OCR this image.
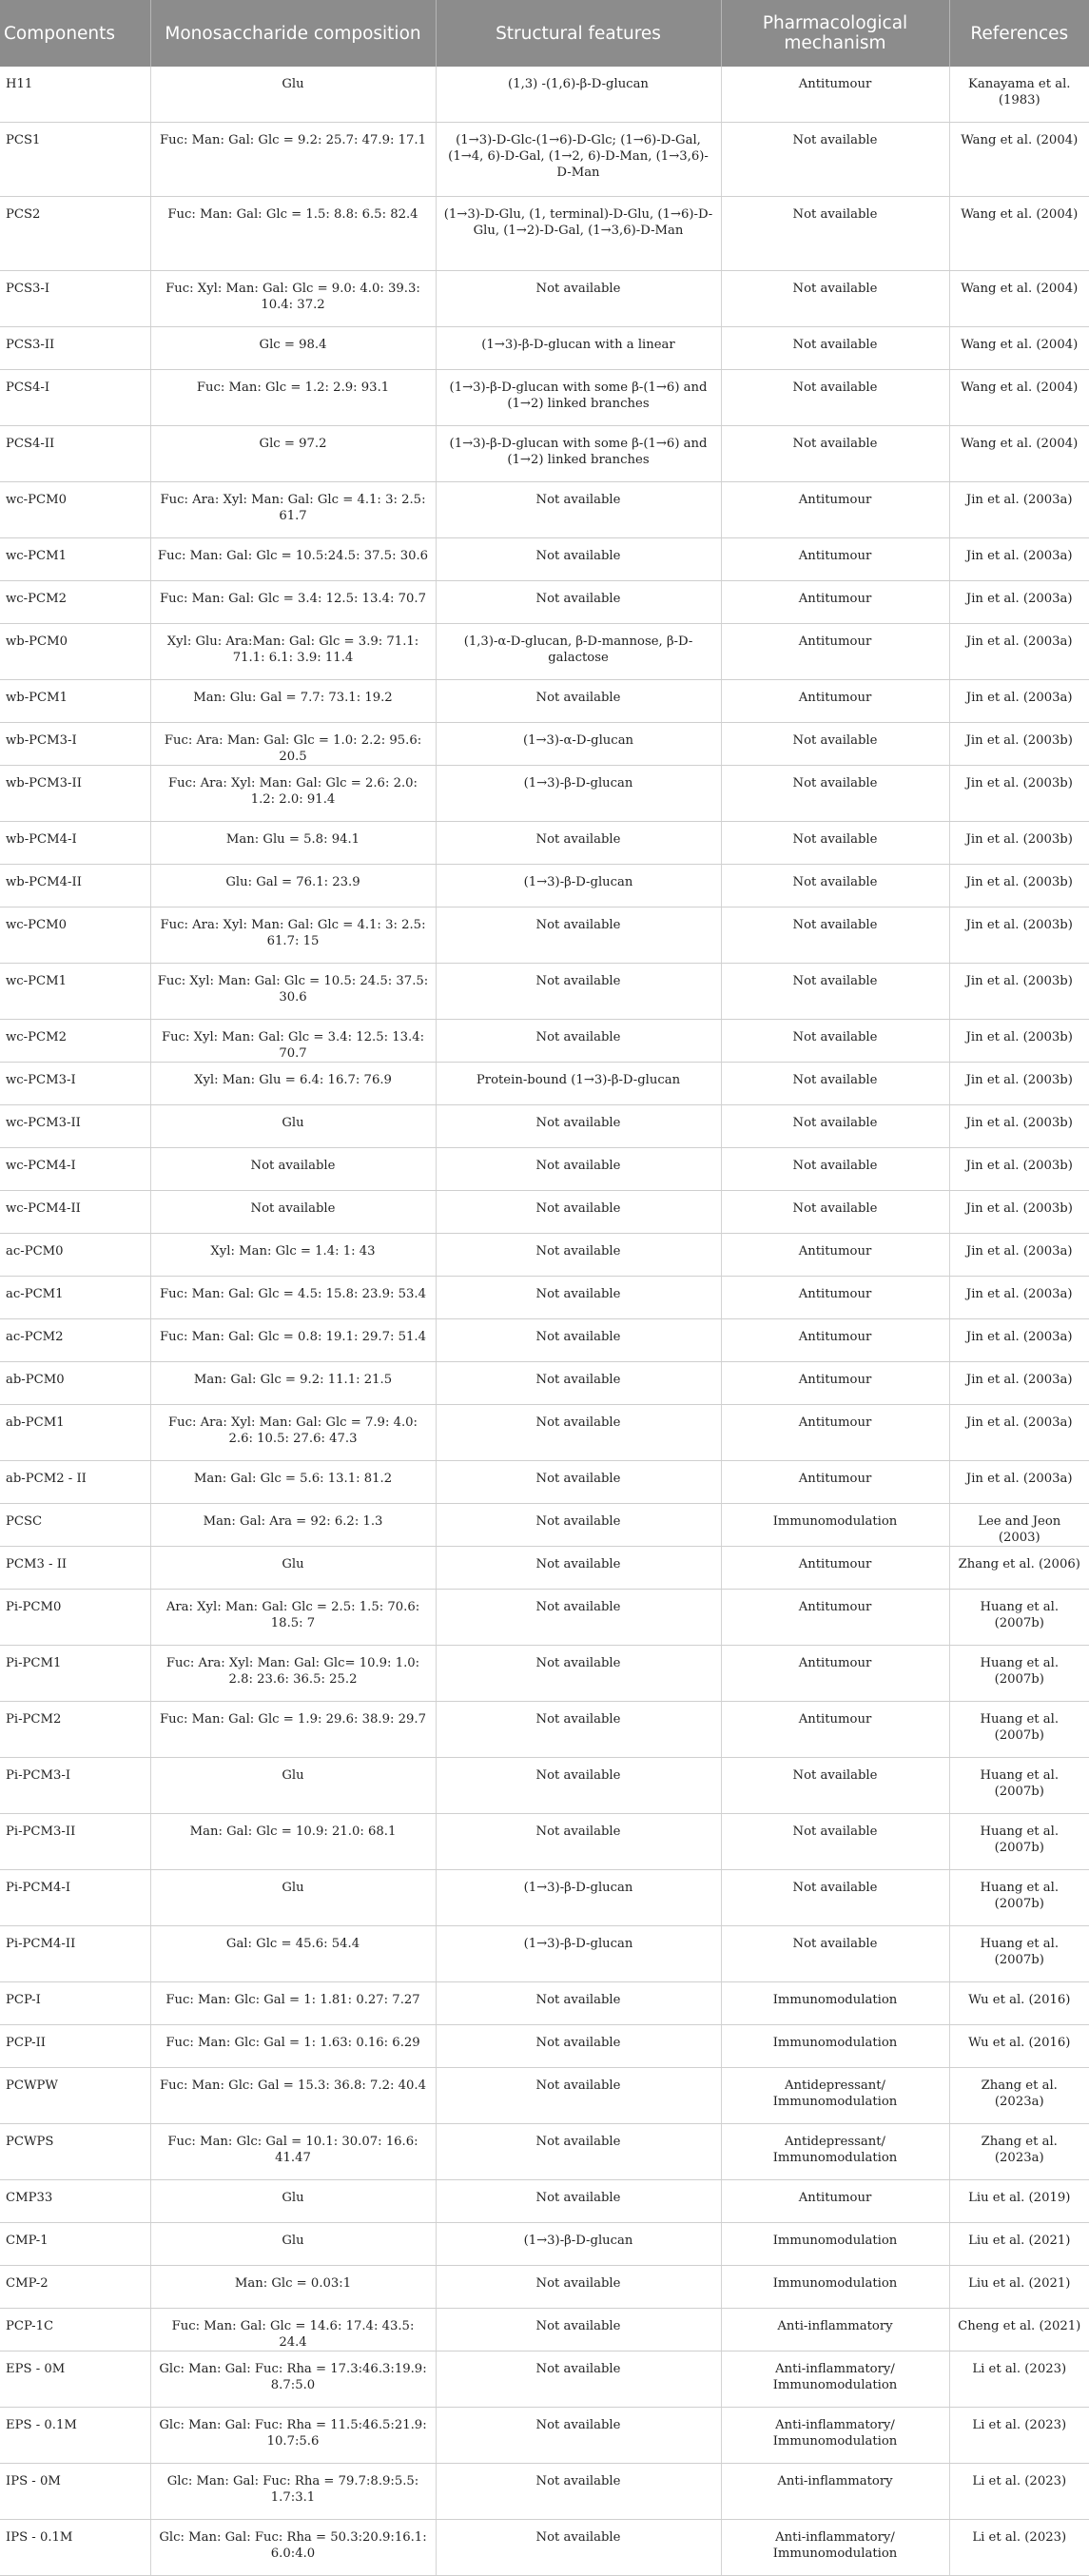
Components	Monosaccharide composition	Structural features	Pharmacological mechanism	References
H11	Glu	(1,3) -(1,6)-β-D-glucan	Antitumour	Kanayama et al. (1983)
PCS1	Fuc: Man: Gal: Glc = 9.2: 25.7: 47.9: 17.1	(1→3)-D-Glc-(1→6)-D-Glc; (1→6)-D-Gal, (1→4, 6)-D-Gal, (1→2, 6)-D-Man, (1→3,6)-D-Man	Not available	Wang et al. (2004)
PCS2	Fuc: Man: Gal: Glc = 1.5: 8.8: 6.5: 82.4	(1→3)-D-Glu, (1, terminal)-D-Glu, (1→6)-D-Glu, (1→2)-D-Gal, (1→3,6)-D-Man	Not available	Wang et al. (2004)
PCS3-I	Fuc: Xyl: Man: Gal: Glc = 9.0: 4.0: 39.3: 10.4: 37.2	Not available	Not available	Wang et al. (2004)
PCS3-II	Glc = 98.4	(1→3)-β-D-glucan with a linear	Not available	Wang et al. (2004)
PCS4-I	Fuc: Man: Glc = 1.2: 2.9: 93.1	(1→3)-β-D-glucan with some β-(1→6) and (1→2) linked branches	Not available	Wang et al. (2004)
PCS4-II	Glc = 97.2	(1→3)-β-D-glucan with some β-(1→6) and (1→2) linked branches	Not available	Wang et al. (2004)
wc-PCM0	Fuc: Ara: Xyl: Man: Gal: Glc = 4.1: 3: 2.5: 61.7	Not available	Antitumour	Jin et al. (2003a)
wc-PCM1	Fuc: Man: Gal: Glc = 10.5:24.5: 37.5: 30.6	Not available	Antitumour	Jin et al. (2003a)
wc-PCM2	Fuc: Man: Gal: Glc = 3.4: 12.5: 13.4: 70.7	Not available	Antitumour	Jin et al. (2003a)
wb-PCM0	Xyl: Glu: Ara:Man: Gal: Glc = 3.9: 71.1: 71.1: 6.1: 3.9: 11.4	(1,3)-α-D-glucan, β-D-mannose, β-D-galactose	Antitumour	Jin et al. (2003a)
wb-PCM1	Man: Glu: Gal = 7.7: 73.1: 19.2	Not available	Antitumour	Jin et al. (2003a)
wb-PCM3-I	Fuc: Ara: Man: Gal: Glc = 1.0: 2.2: 95.6: 20.5	(1→3)-α-D-glucan	Not available	Jin et al. (2003b)
wb-PCM3-II	Fuc: Ara: Xyl: Man: Gal: Glc = 2.6: 2.0: 1.2: 2.0: 91.4	(1→3)-β-D-glucan	Not available	Jin et al. (2003b)
wb-PCM4-I	Man: Glu = 5.8: 94.1	Not available	Not available	Jin et al. (2003b)
wb-PCM4-II	Glu: Gal = 76.1: 23.9	(1→3)-β-D-glucan	Not available	Jin et al. (2003b)
wc-PCM0	Fuc: Ara: Xyl: Man: Gal: Glc = 4.1: 3: 2.5: 61.7: 15	Not available	Not available	Jin et al. (2003b)
wc-PCM1	Fuc: Xyl: Man: Gal: Glc = 10.5: 24.5: 37.5: 30.6	Not available	Not available	Jin et al. (2003b)
wc-PCM2	Fuc: Xyl: Man: Gal: Glc = 3.4: 12.5: 13.4: 70.7	Not available	Not available	Jin et al. (2003b)
wc-PCM3-I	Xyl: Man: Glu = 6.4: 16.7: 76.9	Protein-bound (1→3)-β-D-glucan	Not available	Jin et al. (2003b)
wc-PCM3-II	Glu	Not available	Not available	Jin et al. (2003b)
wc-PCM4-I	Not available	Not available	Not available	Jin et al. (2003b)
wc-PCM4-II	Not available	Not available	Not available	Jin et al. (2003b)
ac-PCM0	Xyl: Man: Glc = 1.4: 1: 43	Not available	Antitumour	Jin et al. (2003a)
ac-PCM1	Fuc: Man: Gal: Glc = 4.5: 15.8: 23.9: 53.4	Not available	Antitumour	Jin et al. (2003a)
ac-PCM2	Fuc: Man: Gal: Glc = 0.8: 19.1: 29.7: 51.4	Not available	Antitumour	Jin et al. (2003a)
ab-PCM0	Man: Gal: Glc = 9.2: 11.1: 21.5	Not available	Antitumour	Jin et al. (2003a)
ab-PCM1	Fuc: Ara: Xyl: Man: Gal: Glc = 7.9: 4.0: 2.6: 10.5: 27.6: 47.3	Not available	Antitumour	Jin et al. (2003a)
ab-PCM2 - II	Man: Gal: Glc = 5.6: 13.1: 81.2	Not available	Antitumour	Jin et al. (2003a)
PCSC	Man: Gal: Ara = 92: 6.2: 1.3	Not available	Immunomodulation	Lee and Jeon (2003)
PCM3 - II	Glu	Not available	Antitumour	Zhang et al. (2006)
Pi-PCM0	Ara: Xyl: Man: Gal: Glc = 2.5: 1.5: 70.6: 18.5: 7	Not available	Antitumour	Huang et al. (2007b)
Pi-PCM1	Fuc: Ara: Xyl: Man: Gal: Glc= 10.9: 1.0: 2.8: 23.6: 36.5: 25.2	Not available	Antitumour	Huang et al. (2007b)
Pi-PCM2	Fuc: Man: Gal: Glc = 1.9: 29.6: 38.9: 29.7	Not available	Antitumour	Huang et al. (2007b)
Pi-PCM3-I	Glu	Not available	Not available	Huang et al. (2007b)
Pi-PCM3-II	Man: Gal: Glc = 10.9: 21.0: 68.1	Not available	Not available	Huang et al. (2007b)
Pi-PCM4-I	Glu	(1→3)-β-D-glucan	Not available	Huang et al. (2007b)
Pi-PCM4-II	Gal: Glc = 45.6: 54.4	(1→3)-β-D-glucan	Not available	Huang et al. (2007b)
PCP-I	Fuc: Man: Glc: Gal = 1: 1.81: 0.27: 7.27	Not available	Immunomodulation	Wu et al. (2016)
PCP-II	Fuc: Man: Glc: Gal = 1: 1.63: 0.16: 6.29	Not available	Immunomodulation	Wu et al. (2016)
PCWPW	Fuc: Man: Glc: Gal = 15.3: 36.8: 7.2: 40.4	Not available	Antidepressant/ Immunomodulation	Zhang et al. (2023a)
PCWPS	Fuc: Man: Glc: Gal = 10.1: 30.07: 16.6: 41.47	Not available	Antidepressant/ Immunomodulation	Zhang et al. (2023a)
CMP33	Glu	Not available	Antitumour	Liu et al. (2019)
CMP-1	Glu	(1→3)-β-D-glucan	Immunomodulation	Liu et al. (2021)
CMP-2	Man: Glc = 0.03:1	Not available	Immunomodulation	Liu et al. (2021)
PCP-1C	Fuc: Man: Gal: Glc = 14.6: 17.4: 43.5: 24.4	Not available	Anti-inflammatory	Cheng et al. (2021)
EPS - 0M	Glc: Man: Gal: Fuc: Rha = 17.3:46.3:19.9: 8.7:5.0	Not available	Anti-inflammatory/ Immunomodulation	Li et al. (2023)
EPS - 0.1M	Glc: Man: Gal: Fuc: Rha = 11.5:46.5:21.9: 10.7:5.6	Not available	Anti-inflammatory/ Immunomodulation	Li et al. (2023)
IPS - 0M	Glc: Man: Gal: Fuc: Rha = 79.7:8.9:5.5: 1.7:3.1	Not available	Anti-inflammatory	Li et al. (2023)
IPS - 0.1M	Glc: Man: Gal: Fuc: Rha = 50.3:20.9:16.1: 6.0:4.0	Not available	Anti-inflammatory/ Immunomodulation	Li et al. (2023)
